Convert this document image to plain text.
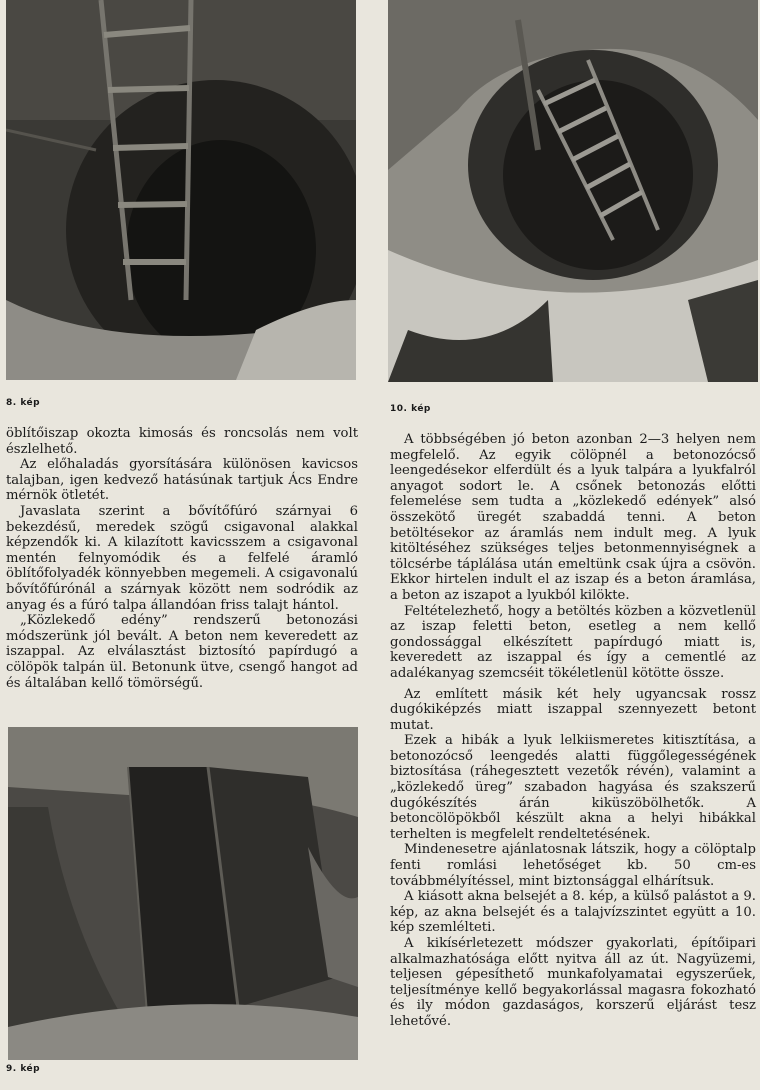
8. kép
10. kép

öblítőiszap okozta kimosás és roncsolás nem volt észlelhető.

Az előhaladás gyorsítására különösen kavicsos talajban, igen kedvező hatásúnak tartjuk Ács Endre mérnök ötletét.

Javaslata szerint a bővítőfúró szárnyai 6 bekezdésű, meredek szögű csigavonal alakkal képzendők ki. A kilazított kavicsszem a csigavonal mentén felnyomódik és a felfelé áramló öblítőfolyadék könnyebben megemeli. A csigavonalú bővítőfúrónál a szárnyak között nem sodródik az anyag és a fúró talpa állandóan friss talajt hántol.

„Közlekedő edény” rendszerű betonozási módszerünk jól bevált. A beton nem keveredett az iszappal. Az elválasztást biztosító papírdugó a cölöpök talpán ül. Betonunk ütve, csengő hangot ad és általában kellő tömörségű.

9. kép

A többségében jó beton azonban 2—3 helyen nem megfelelő. Az egyik cölöpnél a betonozócső leengedésekor elferdült és a lyuk talpára a lyukfalról anyagot sodort le. A csőnek betonozás előtti felemelése sem tudta a „közlekedő edények” alsó összekötő üregét szabaddá tenni. A beton betöltésekor az áramlás nem indult meg. A lyuk kitöltéséhez szükséges teljes betonmennyiségnek a tölcsérbe táplálása után emeltünk csak újra a csövön. Ekkor hirtelen indult el az iszap és a beton áramlása, a beton az iszapot a lyukból kilökte.

Feltételezhető, hogy a betöltés közben a közvetlenül az iszap feletti beton, esetleg a nem kellő gondossággal elkészített papírdugó miatt is, keveredett az iszappal és így a cementlé az adalékanyag szemcséit tökéletlenül kötötte össze.

Az említett másik két hely ugyancsak rossz dugókiképzés miatt iszappal szennyezett betont mutat.

Ezek a hibák a lyuk lelkiismeretes kitisztítása, a betonozócső leengedés alatti függőlegességének biztosítása (ráhegesztett vezetők révén), valamint a „közlekedő üreg” szabadon hagyása és szakszerű dugókészítés árán kiküszöbölhetők. A betoncölöpökből készült akna a helyi hibákkal terhelten is megfelelt rendeltetésének.

Mindenesetre ajánlatosnak látszik, hogy a cölöptalp fenti romlási lehetőséget kb. 50 cm-es továbbmélyítéssel, mint biztonsággal elhárítsuk.

A kiásott akna belsejét a 8. kép, a külső palástot a 9. kép, az akna belsejét és a talajvízszintet együtt a 10. kép szemlélteti.

A kikísérletezett módszer gyakorlati, építőipari alkalmazhatósága előtt nyitva áll az út. Nagyüzemi, teljesen gépesíthető munkafolyamatai egyszerűek, teljesítménye kellő begyakorlással magasra fokozható és ily módon gazdaságos, korszerű eljárást tesz lehetővé.
